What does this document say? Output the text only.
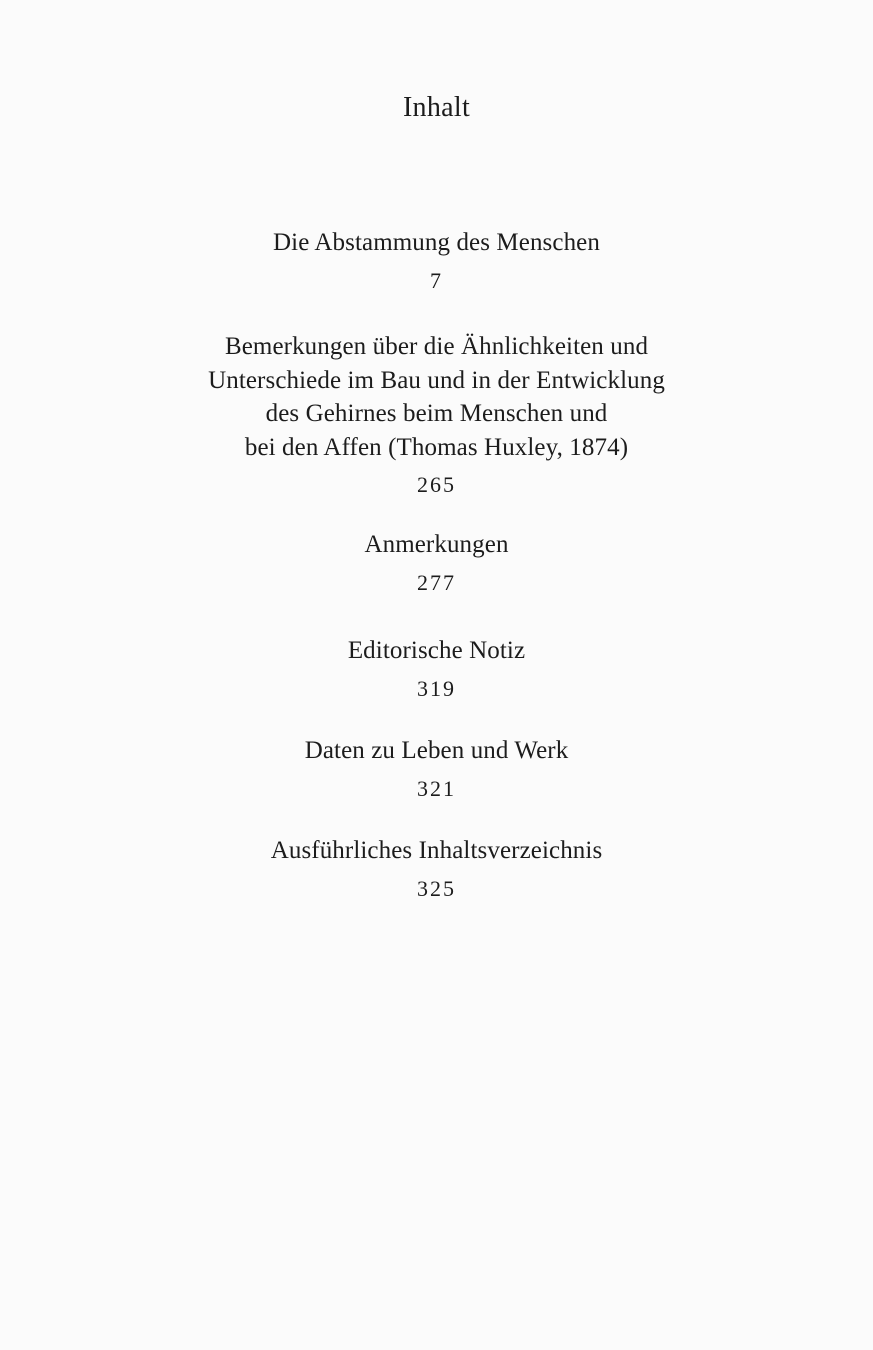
Inhalt
Die Abstammung des Menschen
7
Bemerkungen über die Ähnlichkeiten und
Unterschiede im Bau und in der Entwicklung
des Gehirnes beim Menschen und
bei den Affen (Thomas Huxley, 1874)
265
Anmerkungen
277
Editorische Notiz
319
Daten zu Leben und Werk
321
Ausführliches Inhaltsverzeichnis
325
